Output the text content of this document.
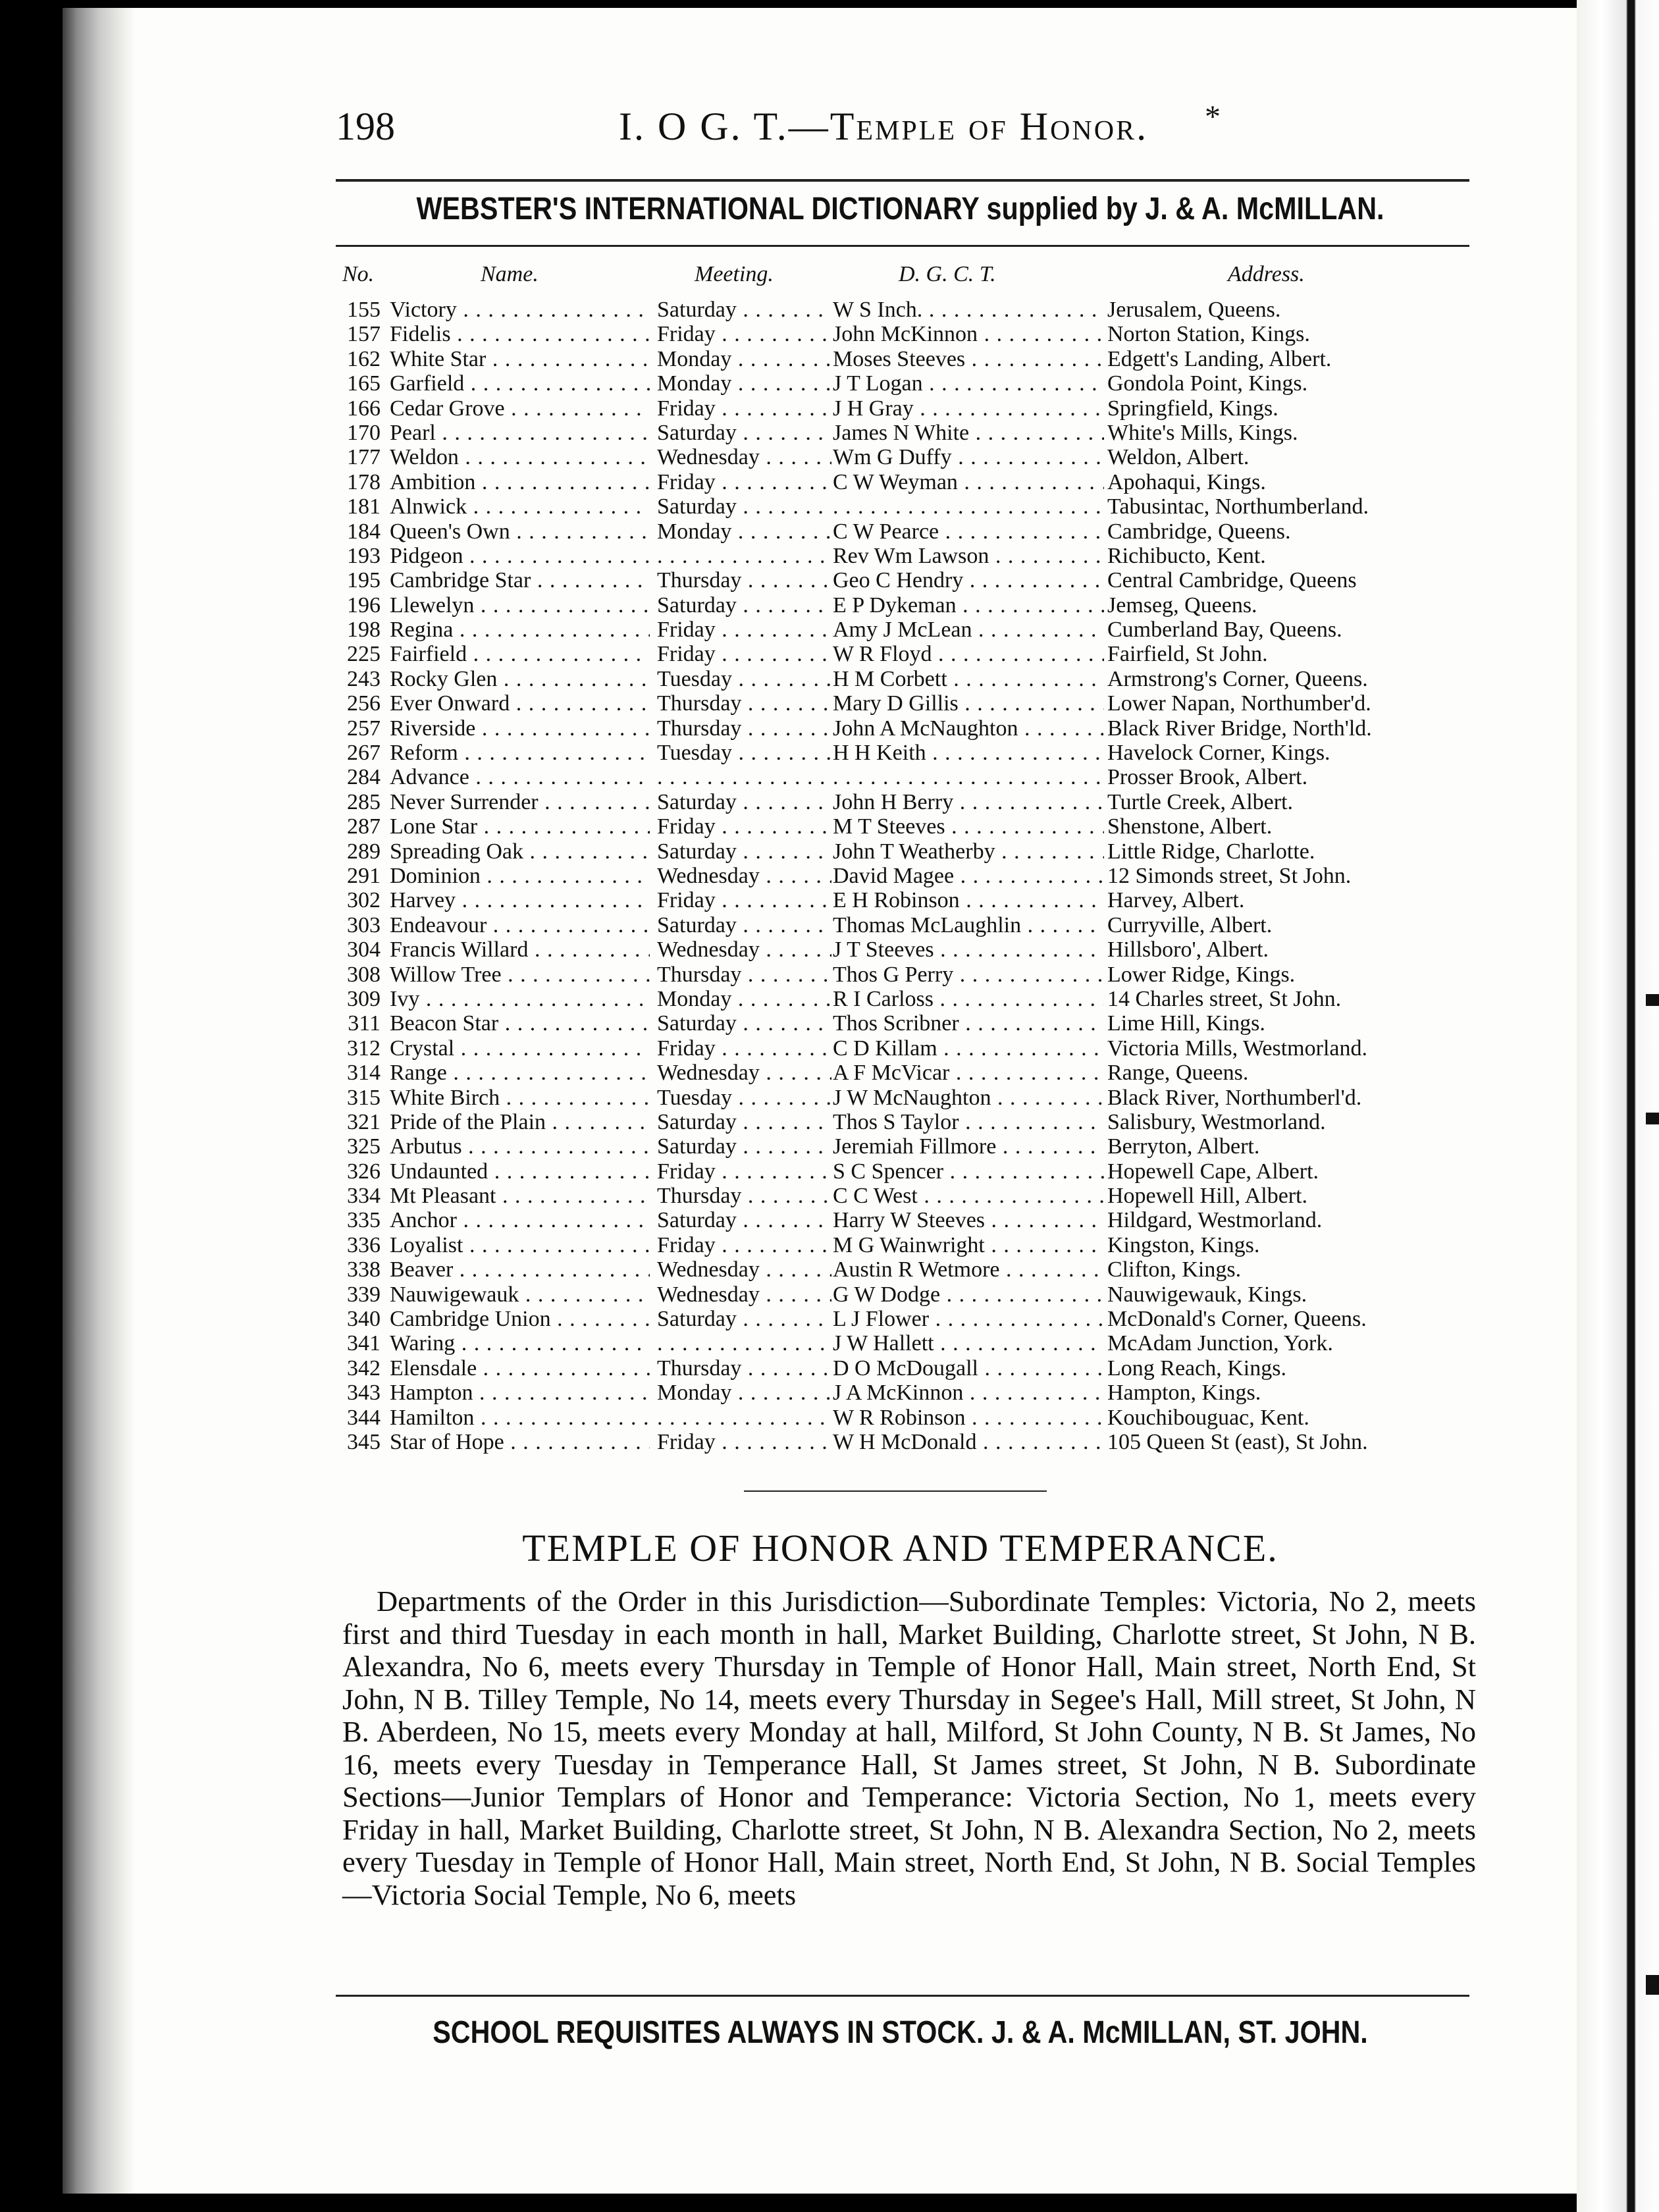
198	I. O G. T.—Temple of Honor. *
WEBSTER'S INTERNATIONAL DICTIONARY supplied by J. & A. McMILLAN.
No.	Name.	Meeting.	D. G. C. T.	Address.
155 Victory . . .	Saturday . . .	W S Inch. . . .	Jerusalem, Queens.
157 Fidelis . . .	Friday . . .	John McKinnon . . .	Norton Station, Kings.
162 White Star . . .	Monday . . .	Moses Steeves . . .	Edgett's Landing, Albert.
165 Garfield . . .	Monday . . .	J T Logan . . .	Gondola Point, Kings.
166 Cedar Grove . . .	Friday . . .	J H Gray . . .	Springfield, Kings.
170 Pearl . . .	Saturday . . .	James N White . . .	White's Mills, Kings.
177 Weldon . . .	Wednesday . . .	Wm G Duffy . . .	Weldon, Albert.
178 Ambition . . .	Friday . . .	C W Weyman . . .	Apohaqui, Kings.
181 Alnwick . . .	Saturday . . . . . .	Tabusintac, Northumberland.
184 Queen's Own . . .	Monday . . .	C W Pearce . . .	Cambridge, Queens.
193 Pidgeon . . . . . .	Rev Wm Lawson . . .	Richibucto, Kent.
195 Cambridge Star . . .	Thursday . . .	Geo C Hendry . . .	Central Cambridge, Queens
196 Llewelyn . . .	Saturday . . .	E P Dykeman . . .	Jemseg, Queens.
198 Regina . . .	Friday . . .	Amy J McLean . . .	Cumberland Bay, Queens.
225 Fairfield . . .	Friday . . .	W R Floyd . . .	Fairfield, St John.
243 Rocky Glen . . .	Tuesday . . .	H M Corbett . . .	Armstrong's Corner, Queens.
256 Ever Onward . . .	Thursday . . .	Mary D Gillis . . .	Lower Napan, Northumber'd.
257 Riverside . . .	Thursday . . .	John A McNaughton . . .	Black River Bridge, North'ld.
267 Reform . . .	Tuesday . . .	H H Keith . . .	Havelock Corner, Kings.
284 Advance . . . . . . . . .	Prosser Brook, Albert.
285 Never Surrender . . .	Saturday . . .	John H Berry . . .	Turtle Creek, Albert.
287 Lone Star . . .	Friday . . .	M T Steeves . . .	Shenstone, Albert.
289 Spreading Oak . . .	Saturday . . .	John T Weatherby . . .	Little Ridge, Charlotte.
291 Dominion . . .	Wednesday . . .	David Magee . . .	12 Simonds street, St John.
302 Harvey . . .	Friday . . .	E H Robinson . . .	Harvey, Albert.
303 Endeavour . . .	Saturday . . .	Thomas McLaughlin . . .	Curryville, Albert.
304 Francis Willard . . .	Wednesday . . .	J T Steeves . . .	Hillsboro', Albert.
308 Willow Tree . . .	Thursday . . .	Thos G Perry . . .	Lower Ridge, Kings.
309 Ivy . . .	Monday . . .	R I Carloss . . .	14 Charles street, St John.
311 Beacon Star . . .	Saturday . . .	Thos Scribner . . .	Lime Hill, Kings.
312 Crystal . . .	Friday . . .	C D Killam . . .	Victoria Mills, Westmorland.
314 Range . . .	Wednesday . . .	A F McVicar . . .	Range, Queens.
315 White Birch . . .	Tuesday . . .	J W McNaughton . . .	Black River, Northumberl'd.
321 Pride of the Plain . . .	Saturday . . .	Thos S Taylor . . .	Salisbury, Westmorland.
325 Arbutus . . .	Saturday . . .	Jeremiah Fillmore . . .	Berryton, Albert.
326 Undaunted . . .	Friday . . .	S C Spencer . . .	Hopewell Cape, Albert.
334 Mt Pleasant . . .	Thursday . . .	C C West . . .	Hopewell Hill, Albert.
335 Anchor . . .	Saturday . . .	Harry W Steeves . . .	Hildgard, Westmorland.
336 Loyalist . . .	Friday . . .	M G Wainwright . . .	Kingston, Kings.
338 Beaver . . .	Wednesday . . .	Austin R Wetmore . . .	Clifton, Kings.
339 Nauwigewauk . . .	Wednesday . . .	G W Dodge . . .	Nauwigewauk, Kings.
340 Cambridge Union . . .	Saturday . . .	L J Flower . . .	McDonald's Corner, Queens.
341 Waring . . . . . .	J W Hallett . . .	McAdam Junction, York.
342 Elensdale . . .	Thursday . . .	D O McDougall . . .	Long Reach, Kings.
343 Hampton . . .	Monday . . .	J A McKinnon . . .	Hampton, Kings.
344 Hamilton . . . . . .	W R Robinson . . .	Kouchibouguac, Kent.
345 Star of Hope . . .	Friday . . .	W H McDonald . . .	105 Queen St (east), St John.
TEMPLE OF HONOR AND TEMPERANCE.

Departments of the Order in this Jurisdiction—Subordinate Temples: Victoria, No 2, meets first and third Tuesday in each month in hall, Market Building, Charlotte street, St John, N B. Alexandra, No 6, meets every Thursday in Temple of Honor Hall, Main street, North End, St John, N B. Tilley Temple, No 14, meets every Thursday in Segee's Hall, Mill street, St John, N B. Aberdeen, No 15, meets every Monday at hall, Milford, St John County, N B. St James, No 16, meets every Tuesday in Temperance Hall, St James street, St John, N B. Subordinate Sections—Junior Templars of Honor and Temperance: Victoria Section, No 1, meets every Friday in hall, Market Building, Charlotte street, St John, N B. Alexandra Section, No 2, meets every Tuesday in Temple of Honor Hall, Main street, North End, St John, N B. Social Temples—Victoria Social Temple, No 6, meets

SCHOOL REQUISITES ALWAYS IN STOCK. J. & A. McMILLAN, ST. JOHN.
